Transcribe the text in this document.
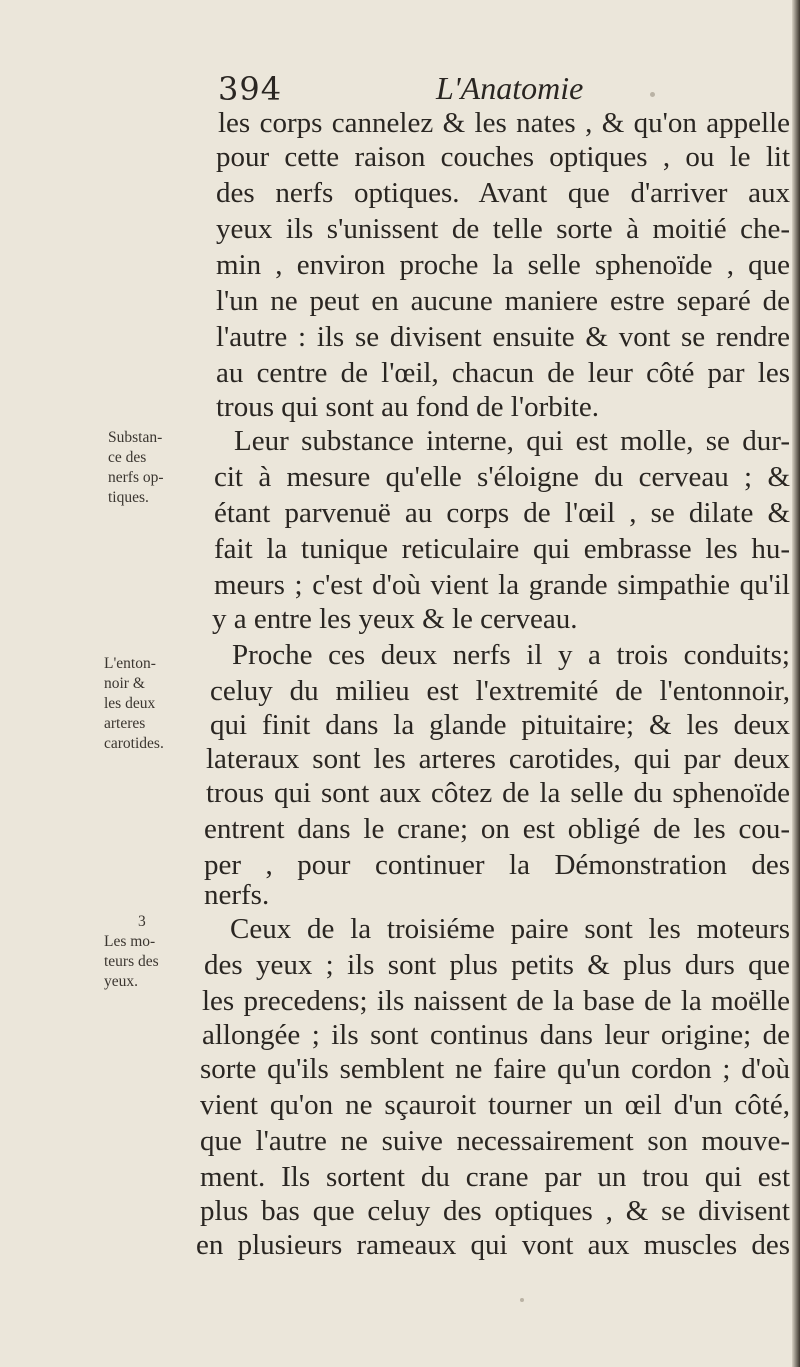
394	L'Anatomie
les corps cannelez & les nates , & qu'on appelle
pour cette raison couches optiques , ou le lit
des nerfs optiques. Avant que d'arriver aux
yeux ils s'unissent de telle sorte à moitié che-
min , environ proche la selle sphenoïde , que
l'un ne peut en aucune maniere estre separé de
l'autre : ils se divisent ensuite & vont se rendre
au centre de l'œil, chacun de leur côté par les
trous qui sont au fond de l'orbite.
Leur substance interne, qui est molle, se dur-
cit à mesure qu'elle s'éloigne du cerveau ; &
étant parvenuë au corps de l'œil , se dilate &
fait la tunique reticulaire qui embrasse les hu-
meurs ; c'est d'où vient la grande simpathie qu'il
y a entre les yeux & le cerveau.
Proche ces deux nerfs il y a trois conduits;
celuy du milieu est l'extremité de l'entonnoir,
qui finit dans la glande pituitaire; & les deux
lateraux sont les arteres carotides, qui par deux
trous qui sont aux côtez de la selle du sphenoïde
entrent dans le crane; on est obligé de les cou-
per , pour continuer la Démonstration des
nerfs.
Ceux de la troisiéme paire sont les moteurs
des yeux ; ils sont plus petits & plus durs que
les precedens; ils naissent de la base de la moëlle
allongée ; ils sont continus dans leur origine; de
sorte qu'ils semblent ne faire qu'un cordon ; d'où
vient qu'on ne sçauroit tourner un œil d'un côté,
que l'autre ne suive necessairement son mouve-
ment. Ils sortent du crane par un trou qui est
plus bas que celuy des optiques , & se divisent
en plusieurs rameaux qui vont aux muscles des
Substan-
ce des
nerfs op-
tiques.
L'enton-
noir &
les deux
arteres
carotides.
3
Les mo-
teurs des
yeux.
